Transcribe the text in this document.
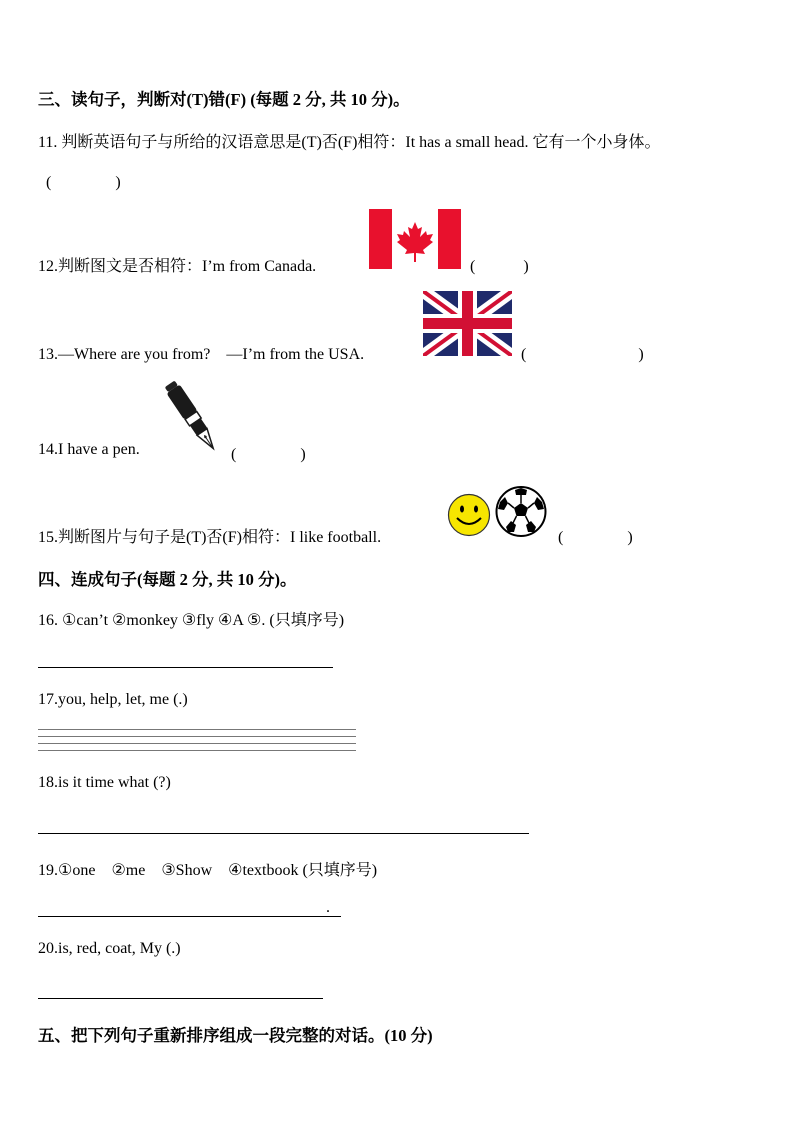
三、读句子，判断对(T)错(F) (每题 2 分, 共 10 分)。
11. 判断英语句子与所给的汉语意思是(T)否(F)相符：It has a small head. 它有一个小身体。
(　　　　)
12.判断图文是否相符：I’m from Canada.	(　　　)
13.—Where are you from?　—I’m from the USA.	(　　　　　　　)
14.I have a pen.	(　　　　)
15.判断图片与句子是(T)否(F)相符：I like football.	(　　　　)
四、连成句子(每题 2 分, 共 10 分)。
16. ①can’t ②monkey ③fly ④A ⑤. (只填序号)
17.you, help, let, me (.)
18.is it time what (?)
19.①one　②me　③Show　④textbook (只填序号)
.
20.is, red, coat, My (.)
五、把下列句子重新排序组成一段完整的对话。(10 分)
